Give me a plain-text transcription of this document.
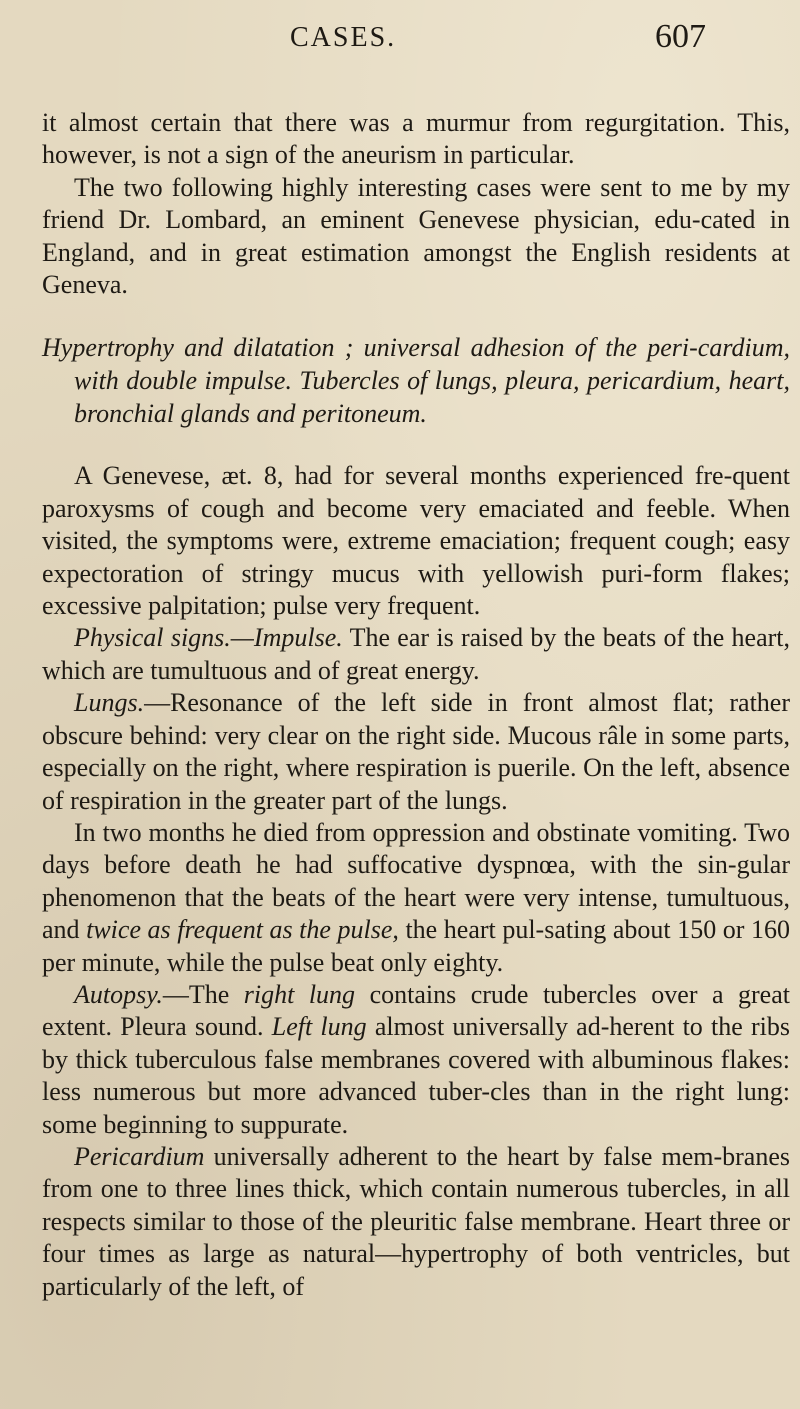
CASES.	607

it almost certain that there was a murmur from regurgitation. This, however, is not a sign of the aneurism in particular.

The two following highly interesting cases were sent to me by my friend Dr. Lombard, an eminent Genevese physician, edu-cated in England, and in great estimation amongst the English residents at Geneva.

Hypertrophy and dilatation ; universal adhesion of the peri-cardium, with double impulse. Tubercles of lungs, pleura, pericardium, heart, bronchial glands and peritoneum.

A Genevese, æt. 8, had for several months experienced fre-quent paroxysms of cough and become very emaciated and feeble. When visited, the symptoms were, extreme emaciation; frequent cough; easy expectoration of stringy mucus with yellowish puri-form flakes; excessive palpitation; pulse very frequent.

Physical signs.—Impulse. The ear is raised by the beats of the heart, which are tumultuous and of great energy.

Lungs.—Resonance of the left side in front almost flat; rather obscure behind: very clear on the right side. Mucous râle in some parts, especially on the right, where respiration is puerile. On the left, absence of respiration in the greater part of the lungs.

In two months he died from oppression and obstinate vomiting. Two days before death he had suffocative dyspnœa, with the sin-gular phenomenon that the beats of the heart were very intense, tumultuous, and twice as frequent as the pulse, the heart pul-sating about 150 or 160 per minute, while the pulse beat only eighty.

Autopsy.—The right lung contains crude tubercles over a great extent. Pleura sound. Left lung almost universally ad-herent to the ribs by thick tuberculous false membranes covered with albuminous flakes: less numerous but more advanced tuber-cles than in the right lung: some beginning to suppurate.

Pericardium universally adherent to the heart by false mem-branes from one to three lines thick, which contain numerous tubercles, in all respects similar to those of the pleuritic false membrane. Heart three or four times as large as natural—hypertrophy of both ventricles, but particularly of the left, of
